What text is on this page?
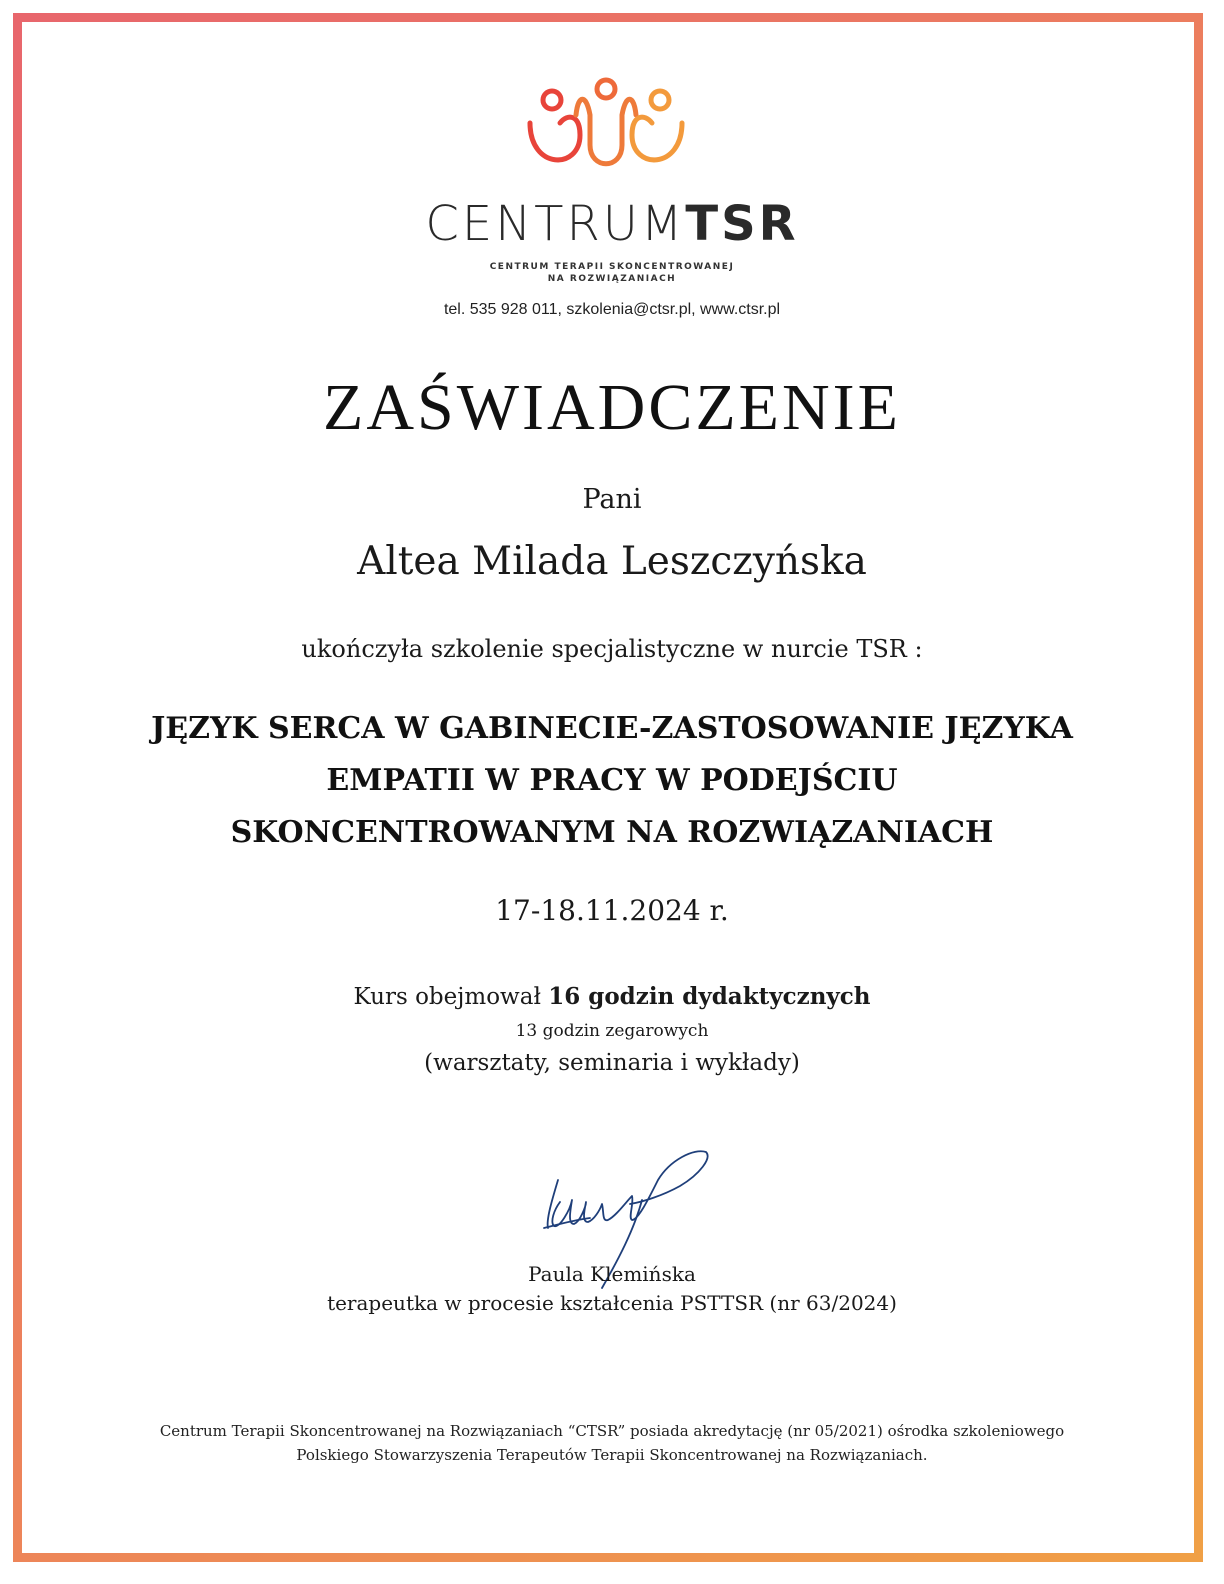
CENTRUMTSR
CENTRUM TERAPII SKONCENTROWANEJ
NA ROZWIĄZANIACH
tel. 535 928 011, szkolenia@ctsr.pl, www.ctsr.pl
ZAŚWIADCZENIE
Pani
Altea Milada Leszczyńska
ukończyła szkolenie specjalistyczne w nurcie TSR :
JĘZYK SERCA W GABINECIE-ZASTOSOWANIE JĘZYKA
EMPATII W PRACY W PODEJŚCIU
SKONCENTROWANYM NA ROZWIĄZANIACH
17-18.11.2024 r.
Kurs obejmował 16 godzin dydaktycznych
13 godzin zegarowych
(warsztaty, seminaria i wykłady)
Paula Klemińska
terapeutka w procesie kształcenia PSTTSR (nr 63/2024)
Centrum Terapii Skoncentrowanej na Rozwiązaniach “CTSR” posiada akredytację (nr 05/2021) ośrodka szkoleniowego
Polskiego Stowarzyszenia Terapeutów Terapii Skoncentrowanej na Rozwiązaniach.
